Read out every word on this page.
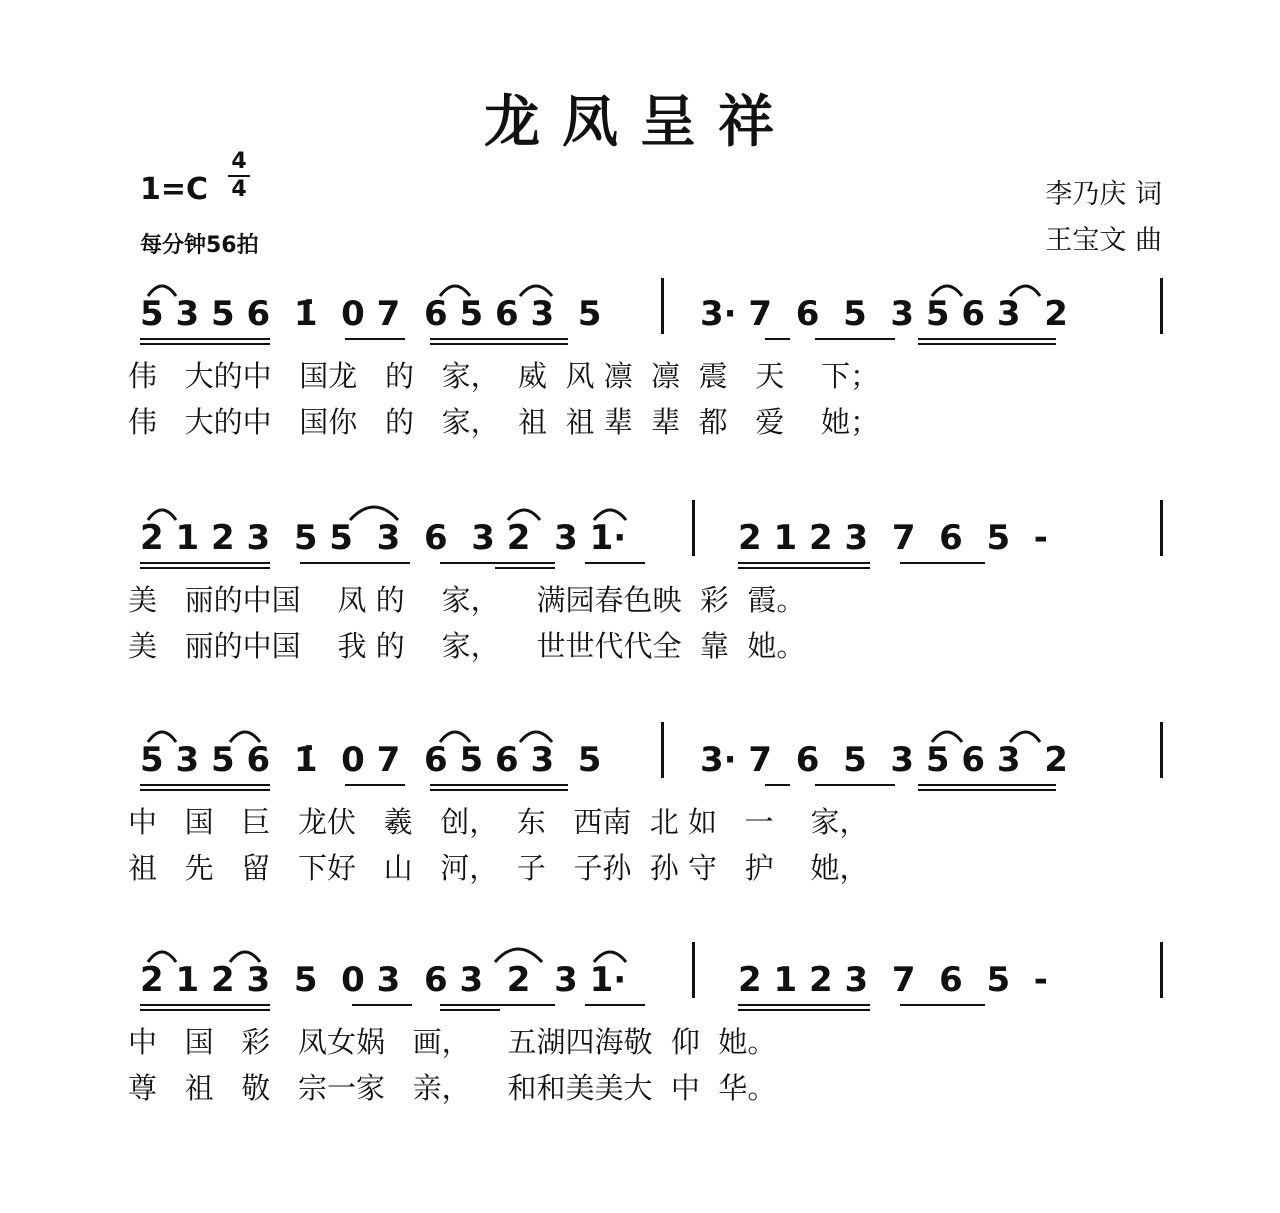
龙凤呈祥
1=C
4
4
每分钟56拍
李乃庆 词
王宝文 曲
5 3 5 6  1̇  0 7  6 5 6 3  5	3· 7  6  5  3 5 6 3  2
伟   大的中   国龙   的   家，  威  风 凛  凛  震   天    下；
伟   大的中   国你   的   家，  祖  祖 辈  辈  都   爱    她；
2 1 2 3  5 5  3  6  3 2  3 1·	2 1 2 3  7  6  5  -
美   丽的中国    凤 的    家，    满园春色映  彩  霞。
美   丽的中国    我 的    家，    世世代代全  靠  她。
5 3 5 6  1̇  0 7  6 5 6 3  5	3· 7  6  5  3 5 6 3  2
中   国   巨   龙伏   羲   创，  东   西南  北 如   一    家，
祖   先   留   下好   山   河，  子   子孙  孙 守   护    她，
2 1 2 3  5  0 3  6 3  2  3 1·	2 1 2 3  7  6  5  -
中   国   彩   凤女娲   画，    五湖四海敬  仰  她。
尊   祖   敬   宗一家   亲，    和和美美大  中  华。
